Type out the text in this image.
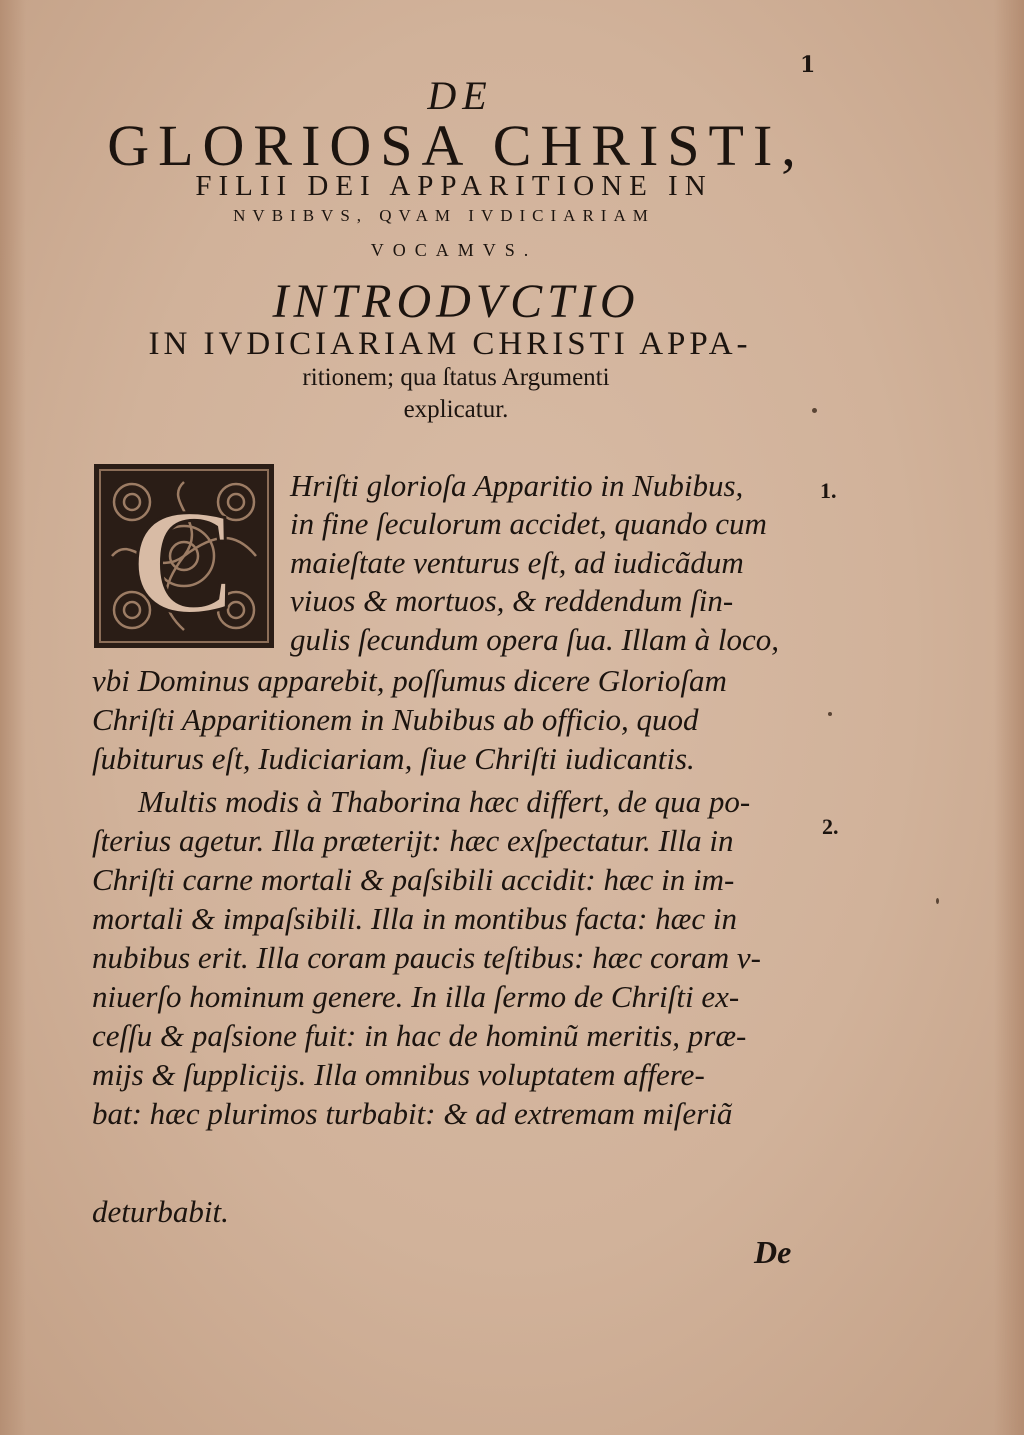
1
DE
GLORIOSA CHRISTI,
FILII DEI APPARITIONE IN
NVBIBVS, QVAM IVDICIARIAM
VOCAMVS.
INTRODVCTIO
IN IVDICIARIAM CHRISTI APPA-
ritionem; qua ſtatus Argumenti
explicatur.
C Hriſti glorioſa Apparitio in Nubibus,
in fine ſeculorum accidet, quando cum
maieſtate venturus eſt, ad iudicãdum
viuos & mortuos, & reddendum ſin-
gulis ſecundum opera ſua. Illam à loco,
vbi Dominus apparebit, poſſumus dicere Glorioſam
Chriſti Apparitionem in Nubibus ab officio, quod
ſubiturus eſt, Iudiciariam, ſiue Chriſti iudicantis.
Multis modis à Thaborina hæc differt, de qua po-
ſterius agetur. Illa præterijt: hæc exſpectatur. Illa in
Chriſti carne mortali & paſsibili accidit: hæc in im-
mortali & impaſsibili. Illa in montibus facta: hæc in
nubibus erit. Illa coram paucis teſtibus: hæc coram v-
niuerſo hominum genere. In illa ſermo de Chriſti ex-
ceſſu & paſsione fuit: in hac de hominũ meritis, præ-
mijs & ſupplicijs. Illa omnibus voluptatem affere-
bat: hæc plurimos turbabit: & ad extremam miſeriã
deturbabit.
1.
2.
De
